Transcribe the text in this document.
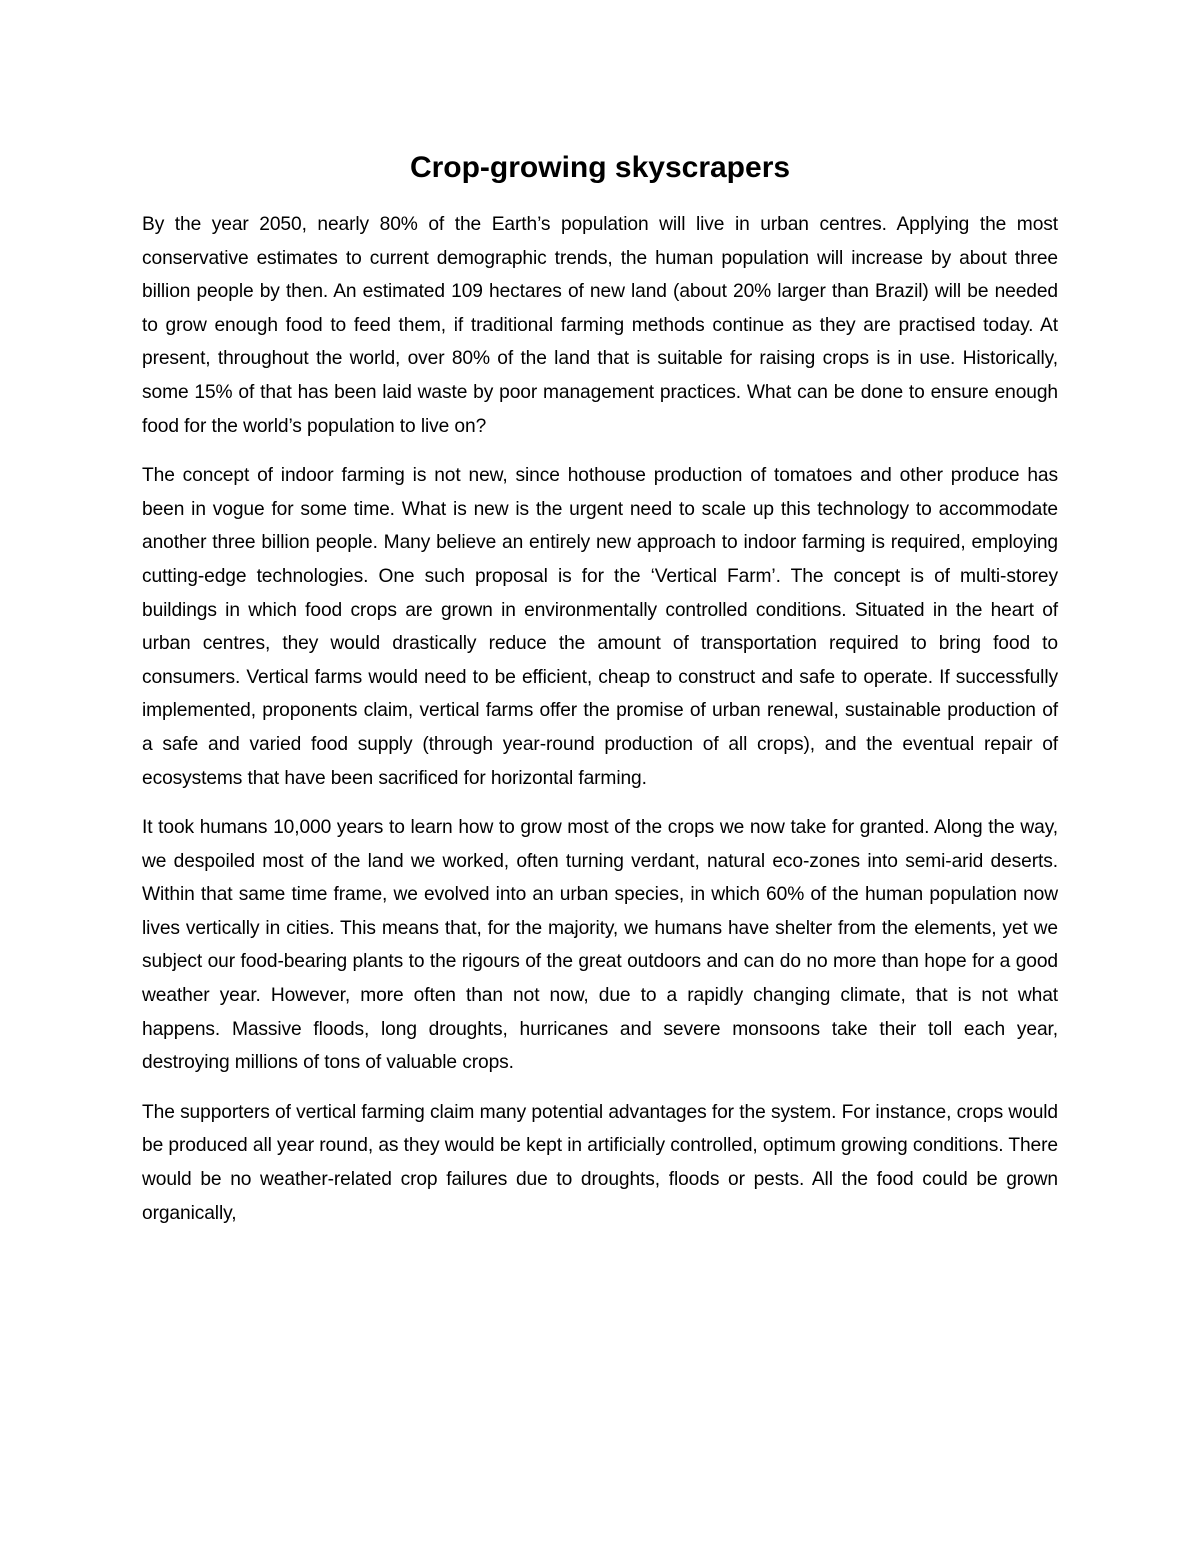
Crop-growing skyscrapers

By the year 2050, nearly 80% of the Earth’s population will live in urban centres. Applying the most conservative estimates to current demographic trends, the human population will increase by about three billion people by then. An estimated 109 hectares of new land (about 20% larger than Brazil) will be needed to grow enough food to feed them, if traditional farming methods continue as they are practised today. At present, throughout the world, over 80% of the land that is suitable for raising crops is in use. Historically, some 15% of that has been laid waste by poor management practices. What can be done to ensure enough food for the world’s population to live on?

The concept of indoor farming is not new, since hothouse production of tomatoes and other produce has been in vogue for some time. What is new is the urgent need to scale up this technology to accommodate another three billion people. Many believe an entirely new approach to indoor farming is required, employing cutting-edge technologies. One such proposal is for the ‘Vertical Farm’. The concept is of multi-storey buildings in which food crops are grown in environmentally controlled conditions. Situated in the heart of urban centres, they would drastically reduce the amount of transportation required to bring food to consumers. Vertical farms would need to be efficient, cheap to construct and safe to operate. If successfully implemented, proponents claim, vertical farms offer the promise of urban renewal, sustainable production of a safe and varied food supply (through year-round production of all crops), and the eventual repair of ecosystems that have been sacrificed for horizontal farming.

It took humans 10,000 years to learn how to grow most of the crops we now take for granted. Along the way, we despoiled most of the land we worked, often turning verdant, natural eco-zones into semi-arid deserts. Within that same time frame, we evolved into an urban species, in which 60% of the human population now lives vertically in cities. This means that, for the majority, we humans have shelter from the elements, yet we subject our food-bearing plants to the rigours of the great outdoors and can do no more than hope for a good weather year. However, more often than not now, due to a rapidly changing climate, that is not what happens. Massive floods, long droughts, hurricanes and severe monsoons take their toll each year, destroying millions of tons of valuable crops.

The supporters of vertical farming claim many potential advantages for the system. For instance, crops would be produced all year round, as they would be kept in artificially controlled, optimum growing conditions. There would be no weather-related crop failures due to droughts, floods or pests. All the food could be grown organically,
